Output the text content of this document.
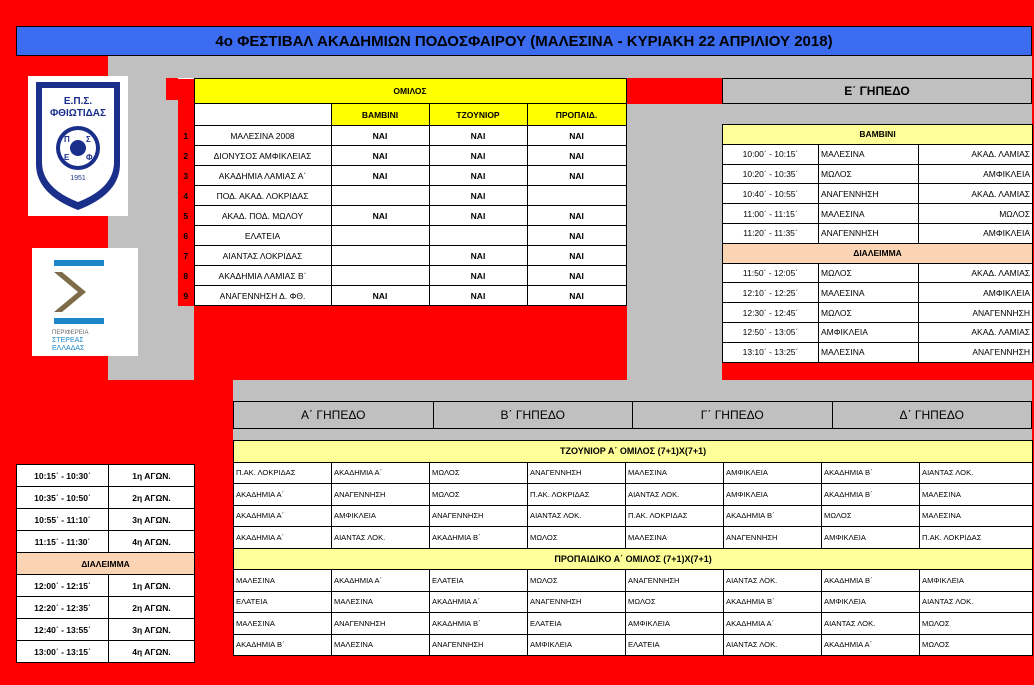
4ο ΦΕΣΤΙΒΑΛ ΑΚΑΔΗΜΙΩΝ ΠΟΔΟΣΦΑΙΡΟΥ (ΜΑΛΕΣΙΝΑ - ΚΥΡΙΑΚΗ 22 ΑΠΡΙΛΙΟΥ 2018)
Ε.Π.Σ.
ΦΘΙΩΤΙΔΑΣ
Π Σ
Ε Φ
1951
ΠΕΡΙΦΕΡΕΙΑ
ΣΤΕΡΕΑΣ
ΕΛΛΑΔΑΣ
	ΟΜΙΛΟΣ			
		ΒΑΜΒΙΝΙ	ΤΖΟΥΝΙΟΡ	ΠΡΟΠΑΙΔ.
1	ΜΑΛΕΣΙΝΑ 2008	ΝΑΙ	ΝΑΙ	ΝΑΙ
2	ΔΙΟΝΥΣΟΣ ΑΜΦΙΚΛΕΙΑΣ	ΝΑΙ	ΝΑΙ	ΝΑΙ
3	ΑΚΑΔΗΜΙΑ ΛΑΜΙΑΣ Α΄	ΝΑΙ	ΝΑΙ	ΝΑΙ
4	ΠΟΔ. ΑΚΑΔ. ΛΟΚΡΙΔΑΣ		ΝΑΙ	
5	ΑΚΑΔ. ΠΟΔ. ΜΩΛΟΥ	ΝΑΙ	ΝΑΙ	ΝΑΙ
6	ΕΛΑΤΕΙΑ			ΝΑΙ
7	ΑΙΑΝΤΑΣ ΛΟΚΡΙΔΑΣ		ΝΑΙ	ΝΑΙ
8	ΑΚΑΔΗΜΙΑ ΛΑΜΙΑΣ Β΄		ΝΑΙ	ΝΑΙ
9	ΑΝΑΓΕΝΝΗΣΗ Δ. ΦΘ.	ΝΑΙ	ΝΑΙ	ΝΑΙ
Ε΄ ΓΗΠΕΔΟ
ΒΑΜΒΙΝΙ		
10:00΄ - 10:15΄	ΜΑΛΕΣΙΝΑ	ΑΚΑΔ. ΛΑΜΙΑΣ
10:20΄ - 10:35΄	ΜΩΛΟΣ	ΑΜΦΙΚΛΕΙΑ
10:40΄ - 10:55΄	ΑΝΑΓΕΝΝΗΣΗ	ΑΚΑΔ. ΛΑΜΙΑΣ
11:00΄ - 11:15΄	ΜΑΛΕΣΙΝΑ	ΜΩΛΟΣ
11:20΄ - 11:35΄	ΑΝΑΓΕΝΝΗΣΗ	ΑΜΦΙΚΛΕΙΑ
ΔΙΑΛΕΙΜΜΑ		
11:50΄ - 12:05΄	ΜΩΛΟΣ	ΑΚΑΔ. ΛΑΜΙΑΣ
12:10΄ - 12:25΄	ΜΑΛΕΣΙΝΑ	ΑΜΦΙΚΛΕΙΑ
12:30΄ - 12:45΄	ΜΩΛΟΣ	ΑΝΑΓΕΝΝΗΣΗ
12:50΄ - 13:05΄	ΑΜΦΙΚΛΕΙΑ	ΑΚΑΔ. ΛΑΜΙΑΣ
13:10΄ - 13:25΄	ΜΑΛΕΣΙΝΑ	ΑΝΑΓΕΝΝΗΣΗ
Α΄ ΓΗΠΕΔΟ	Β΄ ΓΗΠΕΔΟ	Γ΄ ΓΗΠΕΔΟ	Δ΄ ΓΗΠΕΔΟ
ΤΖΟΥΝΙΟΡ Α΄ ΟΜΙΛΟΣ (7+1)Χ(7+1)							
Π.ΑΚ. ΛΟΚΡΙΔΑΣ	ΑΚΑΔΗΜΙΑ Α΄	ΜΩΛΟΣ	ΑΝΑΓΕΝΝΗΣΗ	ΜΑΛΕΣΙΝΑ	ΑΜΦΙΚΛΕΙΑ	ΑΚΑΔΗΜΙΑ Β΄	ΑΙΑΝΤΑΣ ΛΟΚ.
ΑΚΑΔΗΜΙΑ Α΄	ΑΝΑΓΕΝΝΗΣΗ	ΜΩΛΟΣ	Π.ΑΚ. ΛΟΚΡΙΔΑΣ	ΑΙΑΝΤΑΣ ΛΟΚ.	ΑΜΦΙΚΛΕΙΑ	ΑΚΑΔΗΜΙΑ Β΄	ΜΑΛΕΣΙΝΑ
ΑΚΑΔΗΜΙΑ Α΄	ΑΜΦΙΚΛΕΙΑ	ΑΝΑΓΕΝΝΗΣΗ	ΑΙΑΝΤΑΣ ΛΟΚ.	Π.ΑΚ. ΛΟΚΡΙΔΑΣ	ΑΚΑΔΗΜΙΑ Β΄	ΜΩΛΟΣ	ΜΑΛΕΣΙΝΑ
ΑΚΑΔΗΜΙΑ Α΄	ΑΙΑΝΤΑΣ ΛΟΚ.	ΑΚΑΔΗΜΙΑ Β΄	ΜΩΛΟΣ	ΜΑΛΕΣΙΝΑ	ΑΝΑΓΕΝΝΗΣΗ	ΑΜΦΙΚΛΕΙΑ	Π.ΑΚ. ΛΟΚΡΙΔΑΣ
ΠΡΟΠΑΙΔΙΚΟ Α΄ ΟΜΙΛΟΣ (7+1)Χ(7+1)							
ΜΑΛΕΣΙΝΑ	ΑΚΑΔΗΜΙΑ Α΄	ΕΛΑΤΕΙΑ	ΜΩΛΟΣ	ΑΝΑΓΕΝΝΗΣΗ	ΑΙΑΝΤΑΣ ΛΟΚ.	ΑΚΑΔΗΜΙΑ Β΄	ΑΜΦΙΚΛΕΙΑ
ΕΛΑΤΕΙΑ	ΜΑΛΕΣΙΝΑ	ΑΚΑΔΗΜΙΑ Α΄	ΑΝΑΓΕΝΝΗΣΗ	ΜΩΛΟΣ	ΑΚΑΔΗΜΙΑ Β΄	ΑΜΦΙΚΛΕΙΑ	ΑΙΑΝΤΑΣ ΛΟΚ.
ΜΑΛΕΣΙΝΑ	ΑΝΑΓΕΝΝΗΣΗ	ΑΚΑΔΗΜΙΑ Β΄	ΕΛΑΤΕΙΑ	ΑΜΦΙΚΛΕΙΑ	ΑΚΑΔΗΜΙΑ Α΄	ΑΙΑΝΤΑΣ ΛΟΚ.	ΜΩΛΟΣ
ΑΚΑΔΗΜΙΑ Β΄	ΜΑΛΕΣΙΝΑ	ΑΝΑΓΕΝΝΗΣΗ	ΑΜΦΙΚΛΕΙΑ	ΕΛΑΤΕΙΑ	ΑΙΑΝΤΑΣ ΛΟΚ.	ΑΚΑΔΗΜΙΑ Α΄	ΜΩΛΟΣ
10:15΄ - 10:30΄	1η ΑΓΩΝ.
10:35΄ - 10:50΄	2η ΑΓΩΝ.
10:55΄ - 11:10΄	3η ΑΓΩΝ.
11:15΄ - 11:30΄	4η ΑΓΩΝ.
ΔΙΑΛΕΙΜΜΑ	
12:00΄ - 12:15΄	1η ΑΓΩΝ.
12:20΄ - 12:35΄	2η ΑΓΩΝ.
12:40΄ - 13:55΄	3η ΑΓΩΝ.
13:00΄ - 13:15΄	4η ΑΓΩΝ.
